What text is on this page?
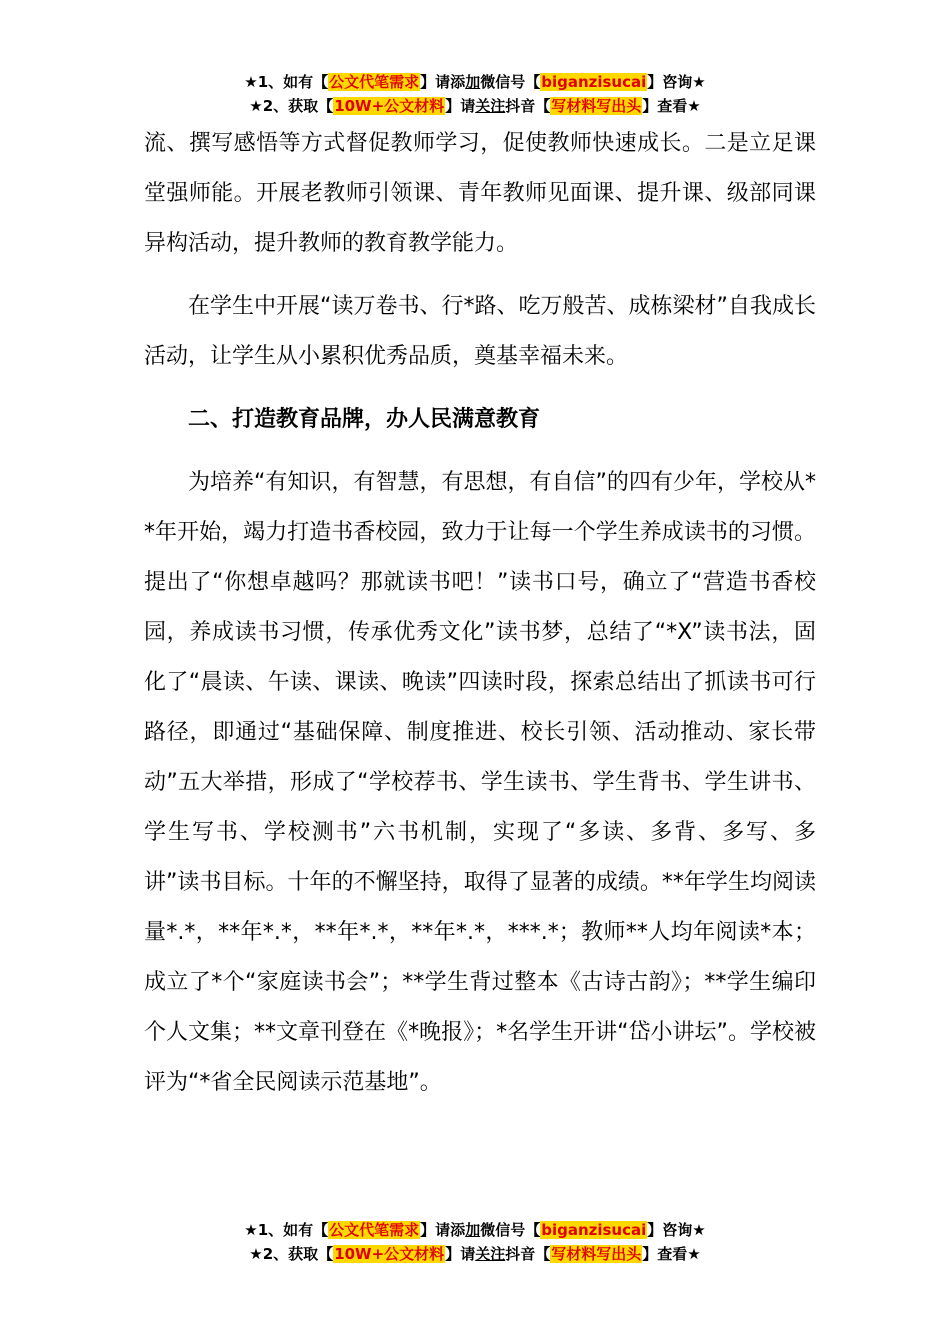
★1、如有【公文代笔需求】请添加微信号【biganzisucai】咨询★
★2、获取【10W+公文材料】请关注抖音【写材料写出头】查看★

流、撰写感悟等方式督促教师学习，促使教师快速成长。二是立足课堂强师能。开展老教师引领课、青年教师见面课、提升课、级部同课异构活动，提升教师的教育教学能力。

在学生中开展“读万卷书、行*路、吃万般苦、成栋梁材”自我成长活动，让学生从小累积优秀品质，奠基幸福未来。

二、打造教育品牌，办人民满意教育

为培养“有知识，有智慧，有思想，有自信”的四有少年，学校从**年开始，竭力打造书香校园，致力于让每一个学生养成读书的习惯。提出了“你想卓越吗？那就读书吧！”读书口号，确立了“营造书香校园，养成读书习惯，传承优秀文化”读书梦，总结了“*X”读书法，固化了“晨读、午读、课读、晚读”四读时段，探索总结出了抓读书可行路径，即通过“基础保障、制度推进、校长引领、活动推动、家长带动”五大举措，形成了“学校荐书、学生读书、学生背书、学生讲书、学生写书、学校测书”六书机制，实现了“多读、多背、多写、多讲”读书目标。十年的不懈坚持，取得了显著的成绩。**年学生均阅读量*.*，**年*.*，**年*.*，**年*.*，***.*；教师**人均年阅读*本；成立了*个“家庭读书会”；**学生背过整本《古诗古韵》；**学生编印个人文集；**文章刊登在《*晚报》；*名学生开讲“岱小讲坛”。学校被评为“*省全民阅读示范基地”。

★1、如有【公文代笔需求】请添加微信号【biganzisucai】咨询★
★2、获取【10W+公文材料】请关注抖音【写材料写出头】查看★
